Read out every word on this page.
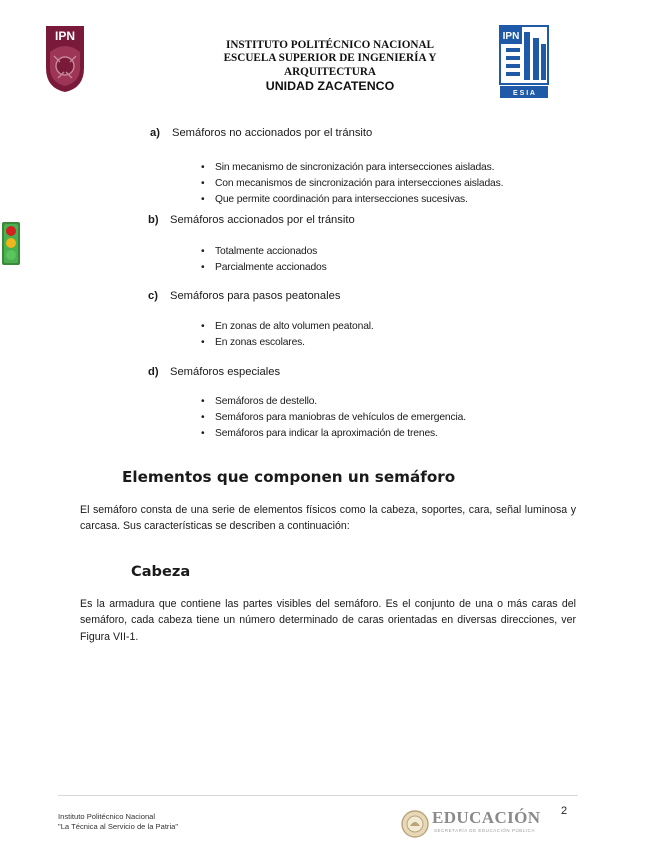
IPN
INSTITUTO POLITÉCNICO NACIONAL
ESCUELA SUPERIOR DE INGENIERÍA Y
ARQUITECTURA
UNIDAD ZACATENCO
IPN
E S I A
a) Semáforos no accionados por el tránsito
• Sin mecanismo de sincronización para intersecciones aisladas.
• Con mecanismos de sincronización para intersecciones aisladas.
• Que permite coordinación para intersecciones sucesivas.
b) Semáforos accionados por el tránsito
• Totalmente accionados
• Parcialmente accionados
c) Semáforos para pasos peatonales
• En zonas de alto volumen peatonal.
• En zonas escolares.
d) Semáforos especiales
• Semáforos de destello.
• Semáforos para maniobras de vehículos de emergencia.
• Semáforos para indicar la aproximación de trenes.
Elementos que componen un semáforo
El semáforo consta de una serie de elementos físicos como la cabeza, soportes, cara, señal luminosa y carcasa. Sus características se describen a continuación:
Cabeza
Es la armadura que contiene las partes visibles del semáforo. Es el conjunto de una o más caras del semáforo, cada cabeza tiene un número determinado de caras orientadas en diversas direcciones, ver Figura VII-1.
Instituto Politécnico Nacional
"La Técnica al Servicio de la Patria"	EDUCACIÓN
SECRETARÍA DE EDUCACIÓN PÚBLICA
2
